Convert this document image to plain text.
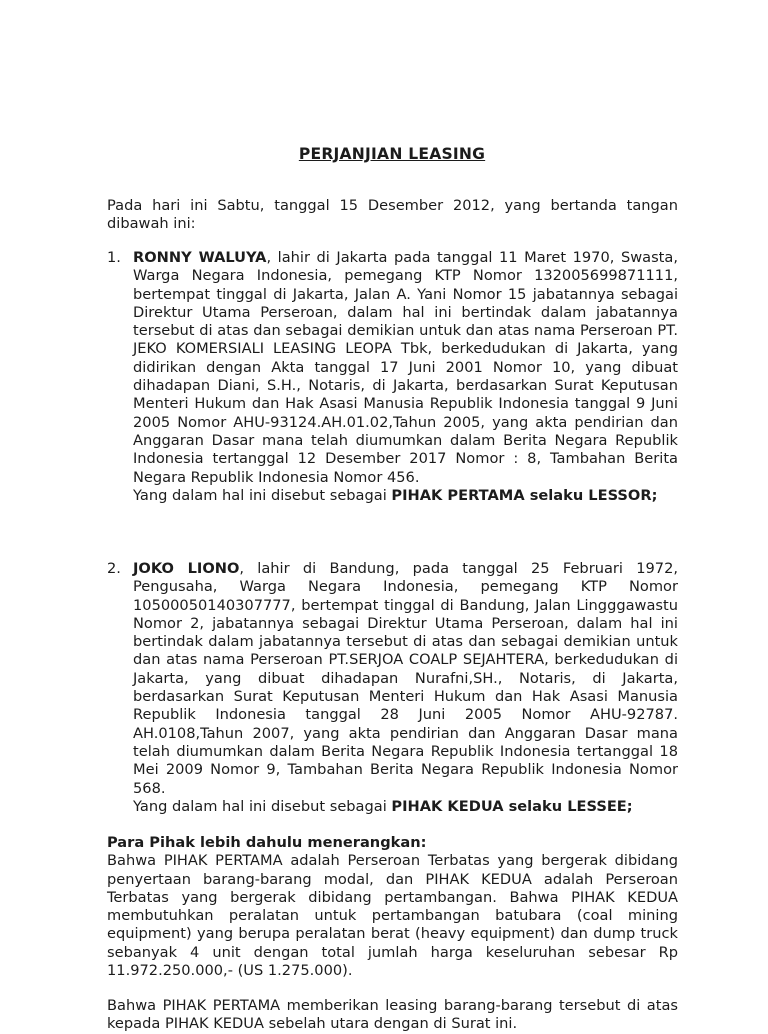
PERJANJIAN LEASING
Pada hari ini Sabtu, tanggal 15 Desember 2012, yang bertanda tangan dibawah ini:
1. RONNY WALUYA, lahir di Jakarta pada tanggal 11 Maret 1970, Swasta, Warga Negara Indonesia, pemegang KTP Nomor 13200569987111​1, bertempat tinggal di Jakarta, Jalan A. Yani Nomor 15 jabatannya sebagai Direktur Utama Perseroan, dalam hal ini bertindak dalam jabatannya tersebut di atas dan sebagai demikian untuk dan atas nama Perseroan PT. JEKO KOMERSIALI LEASING LEOPA Tbk, berkedudukan di Jakarta, yang didirikan dengan Akta tanggal 17 Juni 2001 Nomor 10, yang dibuat dihadapan Diani, S.H., Notaris, di Jakarta, berdasarkan Surat Keputusan Menteri Hukum dan Hak Asasi Manusia Republik Indonesia tanggal 9 Juni 2005 Nomor AHU-93124.AH.01.02,Tahun 2005, yang akta pendirian dan Anggaran Dasar mana telah diumumkan dalam Berita Negara Republik Indonesia tertanggal 12 Desember 2017 Nomor : 8, Tambahan Berita Negara Republik Indonesia Nomor 456.
Yang dalam hal ini disebut sebagai PIHAK PERTAMA selaku LESSOR;
2. JOKO LIONO, lahir di Bandung, pada tanggal 25 Februari 1972, Pengusaha, Warga Negara Indonesia, pemegang KTP Nomor 10500050140307777, bertempat tinggal di Bandung, Jalan Lingggawastu Nomor 2, jabatannya sebagai Direktur Utama Perseroan, dalam hal ini bertindak dalam jabatannya tersebut di atas dan sebagai demikian untuk dan atas nama Perseroan PT.SERJOA COALP SEJAHTERA, berkedudukan di Jakarta, yang dibuat dihadapan Nurafni,SH., Notaris, di Jakarta, berdasarkan Surat Keputusan Menteri Hukum dan Hak Asasi Manusia Republik Indonesia tanggal 28 Juni 2005 Nomor AHU-92787. AH.0108,Tahun 2007, yang akta pendirian dan Anggaran Dasar mana telah diumumkan dalam Berita Negara Republik Indonesia tertanggal 18 Mei 2009 Nomor 9, Tambahan Berita Negara Republik Indonesia Nomor 568.
Yang dalam hal ini disebut sebagai PIHAK KEDUA selaku LESSEE;
Para Pihak lebih dahulu menerangkan:
Bahwa PIHAK PERTAMA adalah Perseroan Terbatas yang bergerak dibidang penyertaan barang-barang modal, dan PIHAK KEDUA adalah Perseroan Terbatas yang bergerak dibidang pertambangan. Bahwa PIHAK KEDUA membutuhkan peralatan untuk pertambangan batubara (coal mining equipment) yang berupa peralatan berat (heavy equipment) dan dump truck sebanyak 4 unit dengan total jumlah harga keseluruhan sebesar Rp 11.972.250.000,- (US 1.275.000).
Bahwa PIHAK PERTAMA memberikan leasing barang-barang tersebut di atas kepada PIHAK KEDUA sebelah utara dengan di Surat ini.
